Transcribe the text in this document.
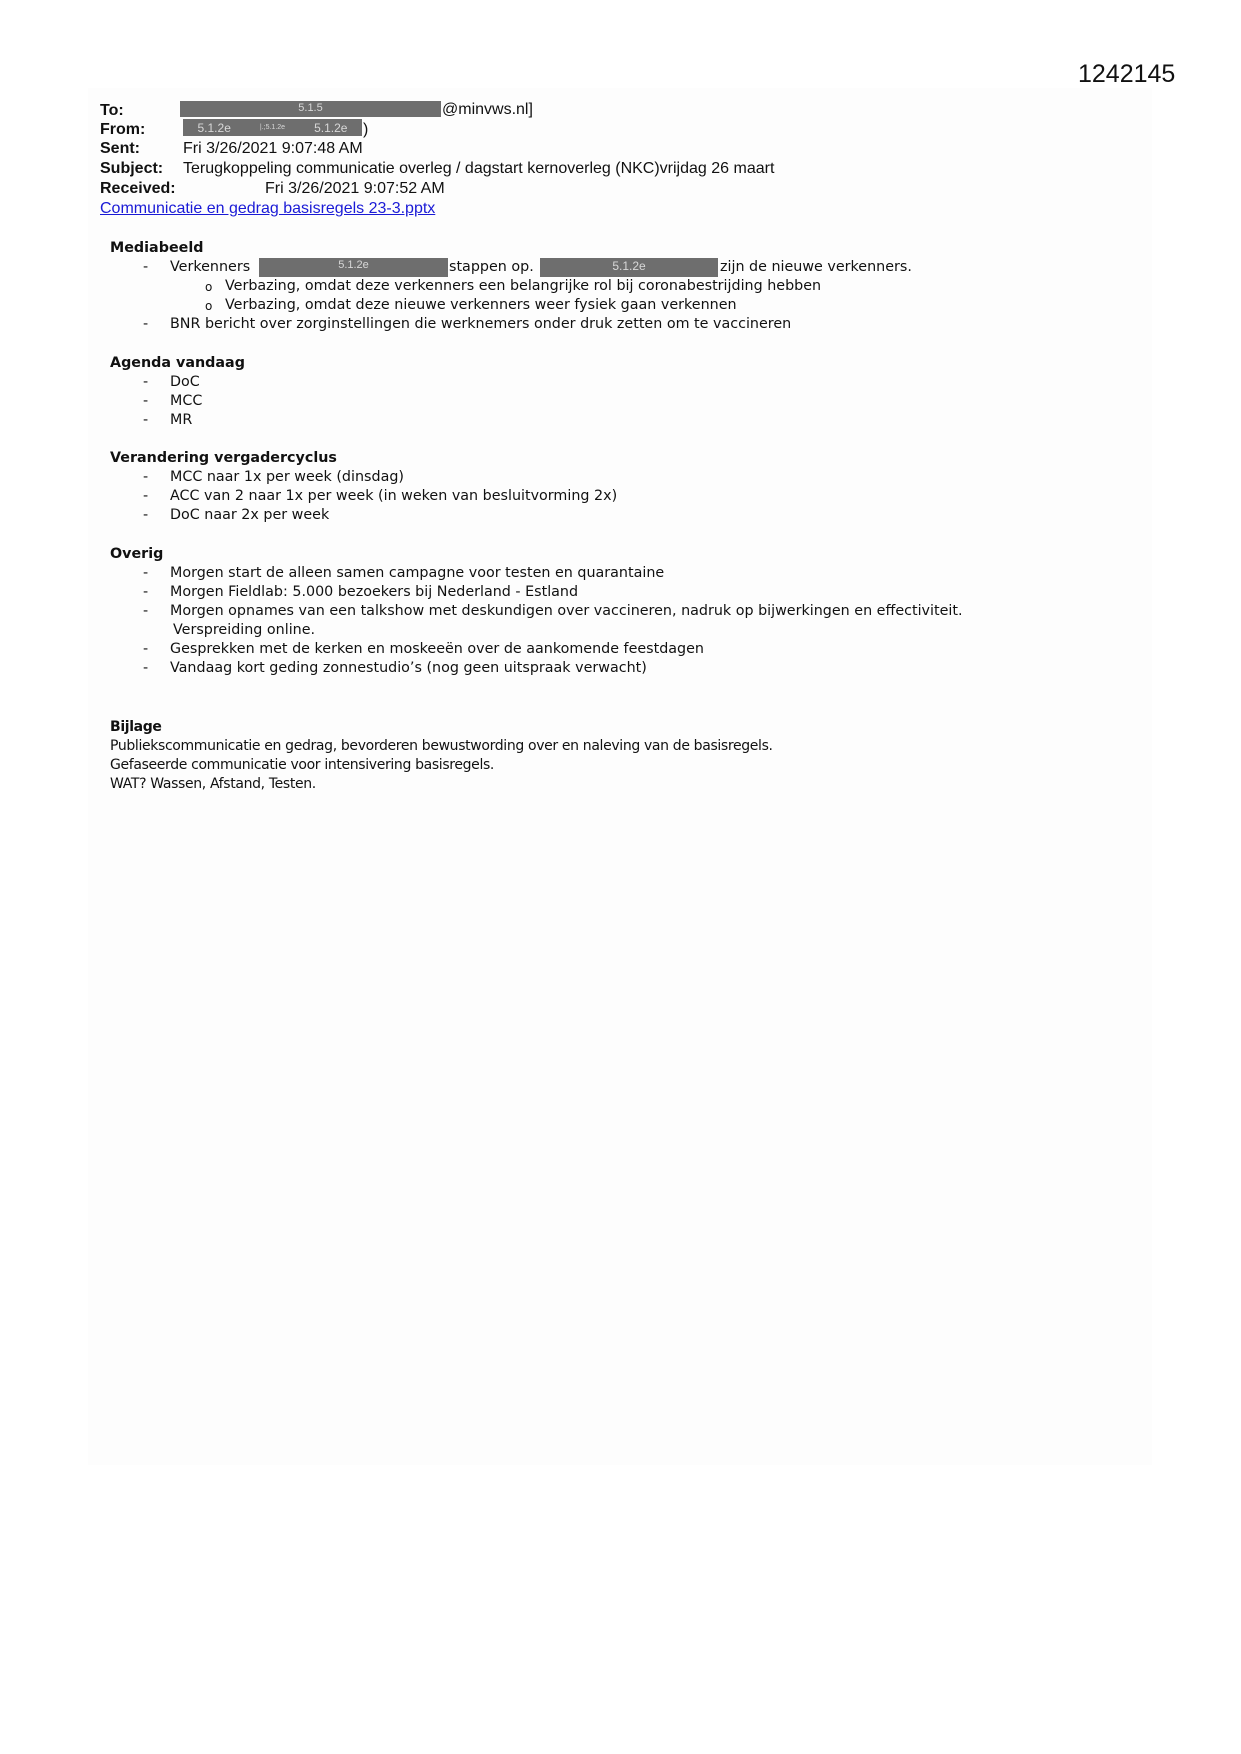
1242145
To:	5.1.5	@minvws.nl]
From:	5.1.2e	|.;5.1.2e 5.1.2e )
Sent:	Fri 3/26/2021 9:07:48 AM
Subject: Terugkoppeling communicatie overleg / dagstart kernoverleg (NKC)vrijdag 26 maart
Received:	Fri 3/26/2021 9:07:52 AM
Communicatie en gedrag basisregels 23-3.pptx
Mediabeeld
- Verkenners	5.1.2e	stappen op.	5.1.2e	zijn de nieuwe verkenners.
o Verbazing, omdat deze verkenners een belangrijke rol bij coronabestrijding hebben
o Verbazing, omdat deze nieuwe verkenners weer fysiek gaan verkennen
- BNR bericht over zorginstellingen die werknemers onder druk zetten om te vaccineren
Agenda vandaag
- DoC
- MCC
- MR
Verandering vergadercyclus
- MCC naar 1x per week (dinsdag)
- ACC van 2 naar 1x per week (in weken van besluitvorming 2x)
- DoC naar 2x per week
Overig
- Morgen start de alleen samen campagne voor testen en quarantaine
- Morgen Fieldlab: 5.000 bezoekers bij Nederland - Estland
- Morgen opnames van een talkshow met deskundigen over vaccineren, nadruk op bijwerkingen en effectiviteit.
Verspreiding online.
- Gesprekken met de kerken en moskeeën over de aankomende feestdagen
- Vandaag kort geding zonnestudio’s (nog geen uitspraak verwacht)
Bijlage
Publiekscommunicatie en gedrag, bevorderen bewustwording over en naleving van de basisregels.
Gefaseerde communicatie voor intensivering basisregels.
WAT? Wassen, Afstand, Testen.
